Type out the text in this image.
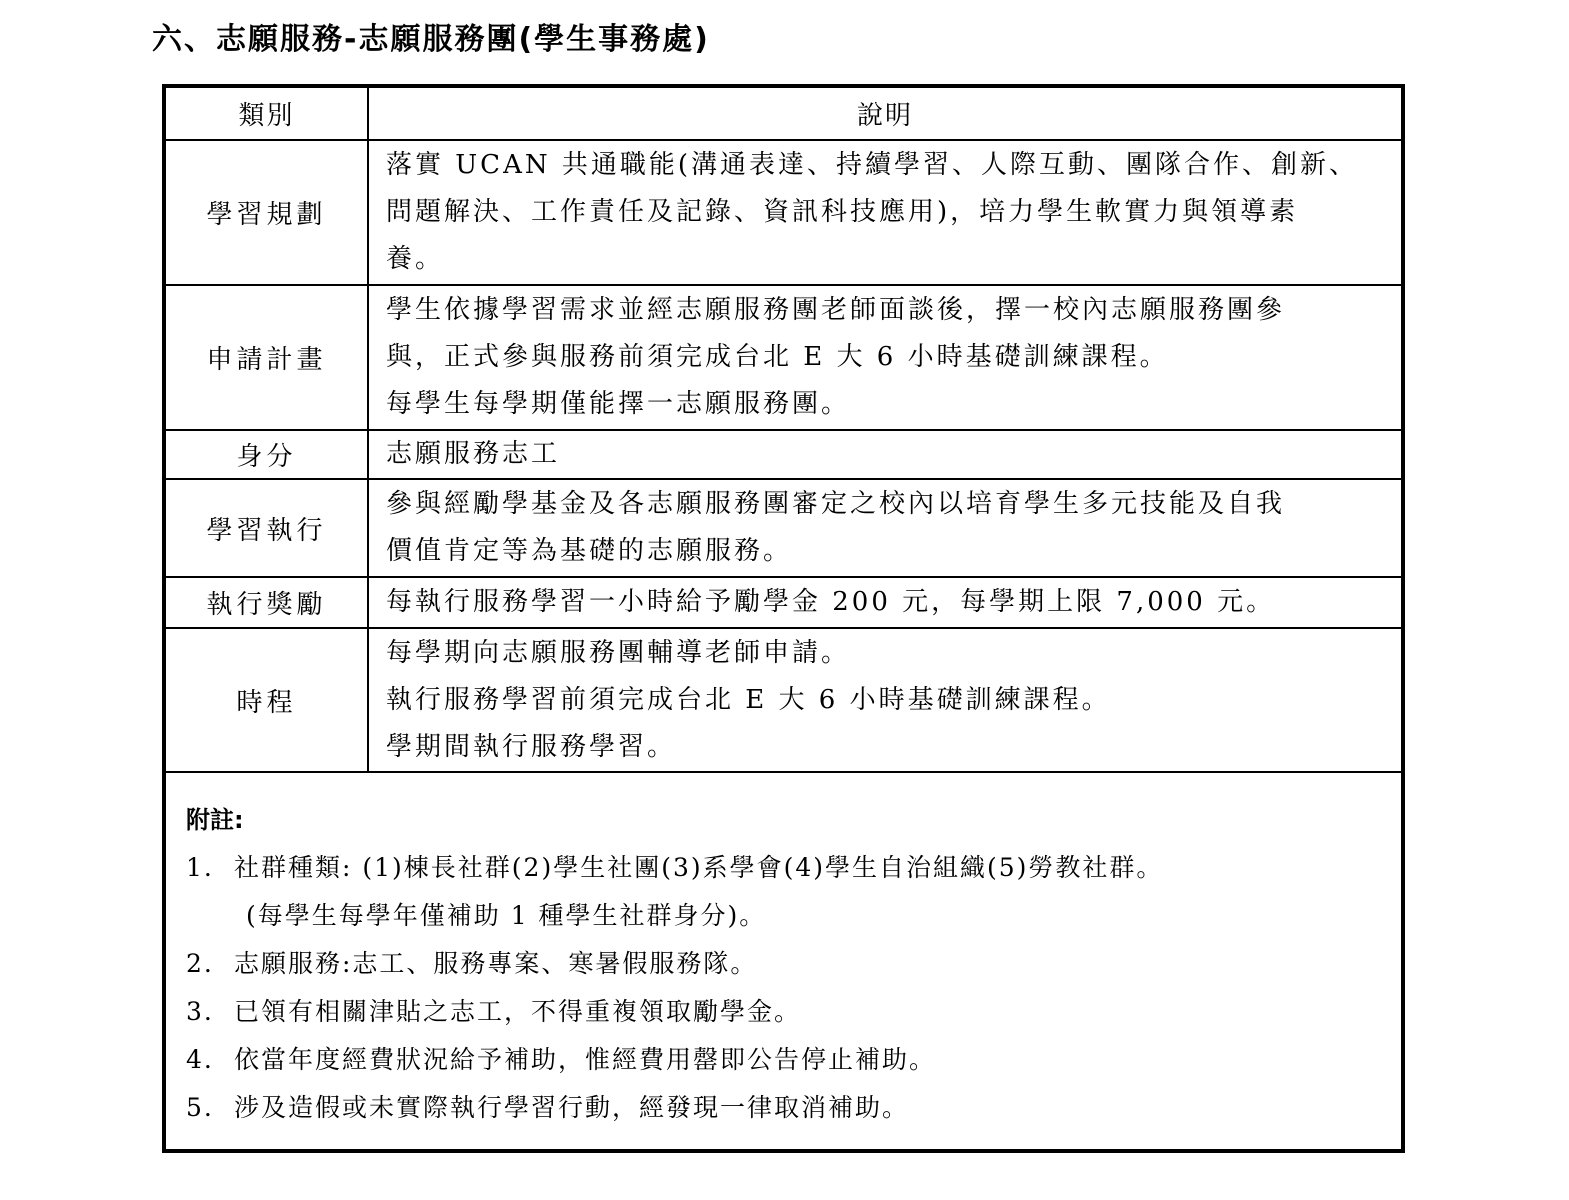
六、志願服務-志願服務團(學生事務處)
類別	說明
學習規劃	落實 UCAN 共通職能(溝通表達、持續學習、人際互動、團隊合作、創新、
問題解決、工作責任及記錄、資訊科技應用)，培力學生軟實力與領導素
養。

申請計畫	學生依據學習需求並經志願服務團老師面談後，擇一校內志願服務團參
與，正式參與服務前須完成台北 E 大 6 小時基礎訓練課程。
每學生每學期僅能擇一志願服務團。

身分	志願服務志工

學習執行	參與經勵學基金及各志願服務團審定之校內以培育學生多元技能及自我
價值肯定等為基礎的志願服務。

執行獎勵	每執行服務學習一小時給予勵學金 200 元，每學期上限 7,000 元。

時程	每學期向志願服務團輔導老師申請。
執行服務學習前須完成台北 E 大 6 小時基礎訓練課程。
學期間執行服務學習。
附註:
1. 社群種類: (1)棟長社群(2)學生社團(3)系學會(4)學生自治組織(5)勞教社群。
(每學生每學年僅補助 1 種學生社群身分)。
2. 志願服務:志工、服務專案、寒暑假服務隊。
3. 已領有相關津貼之志工，不得重複領取勵學金。
4. 依當年度經費狀況給予補助，惟經費用罄即公告停止補助。
5. 涉及造假或未實際執行學習行動，經發現一律取消補助。
